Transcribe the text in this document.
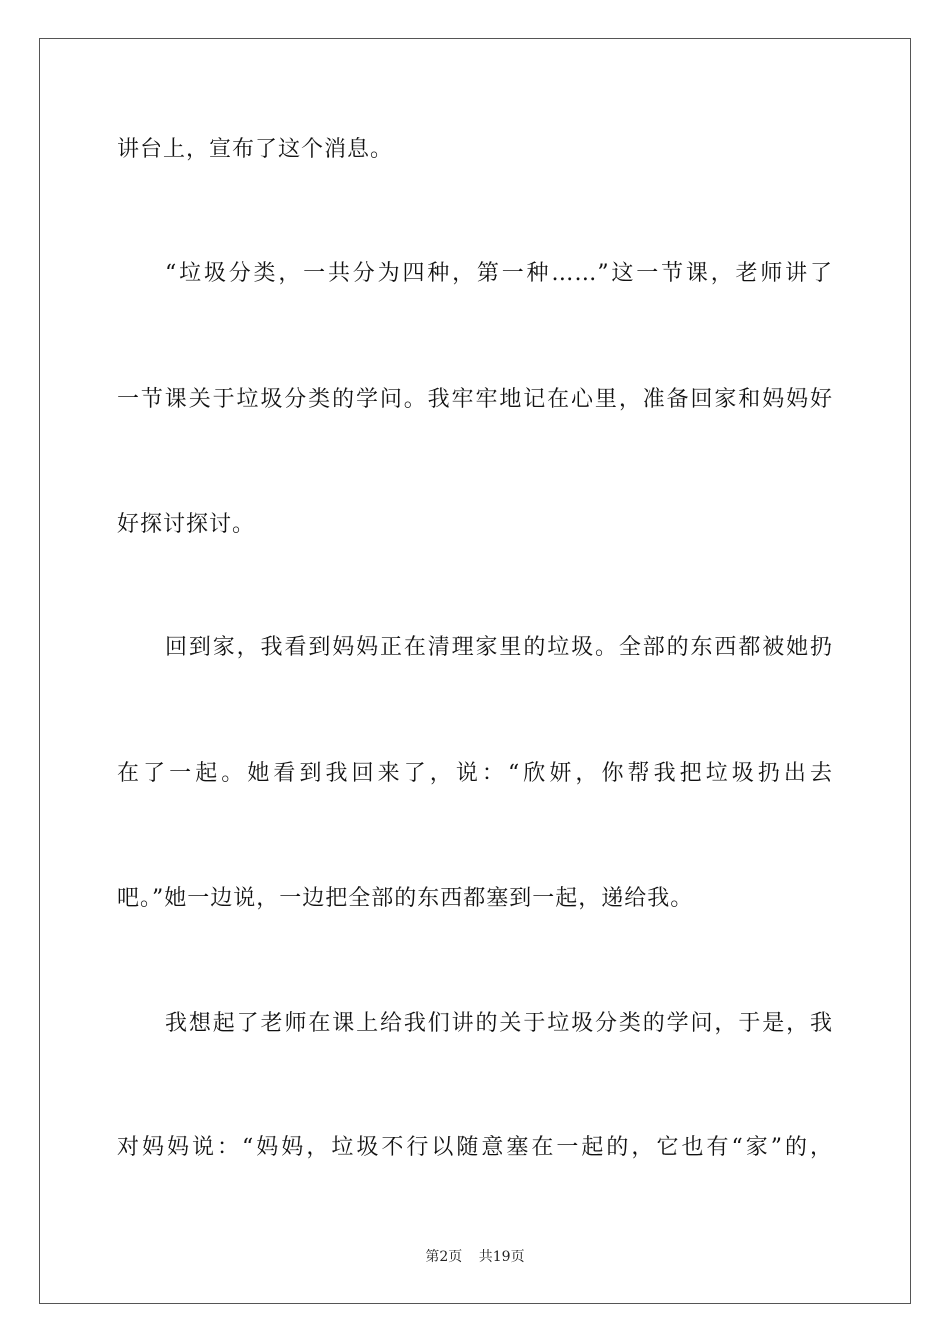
讲台上，宣布了这个消息。
“垃圾分类，一共分为四种，第一种……”这一节课，老师讲了
一节课关于垃圾分类的学问。我牢牢地记在心里，准备回家和妈妈好
好探讨探讨。
回到家，我看到妈妈正在清理家里的垃圾。全部的东西都被她扔
在了一起。她看到我回来了，说：“欣妍，你帮我把垃圾扔出去
吧。”她一边说，一边把全部的东西都塞到一起，递给我。
我想起了老师在课上给我们讲的关于垃圾分类的学问，于是，我
对妈妈说：“妈妈，垃圾不行以随意塞在一起的，它也有“家”的，
第2页 共19页
